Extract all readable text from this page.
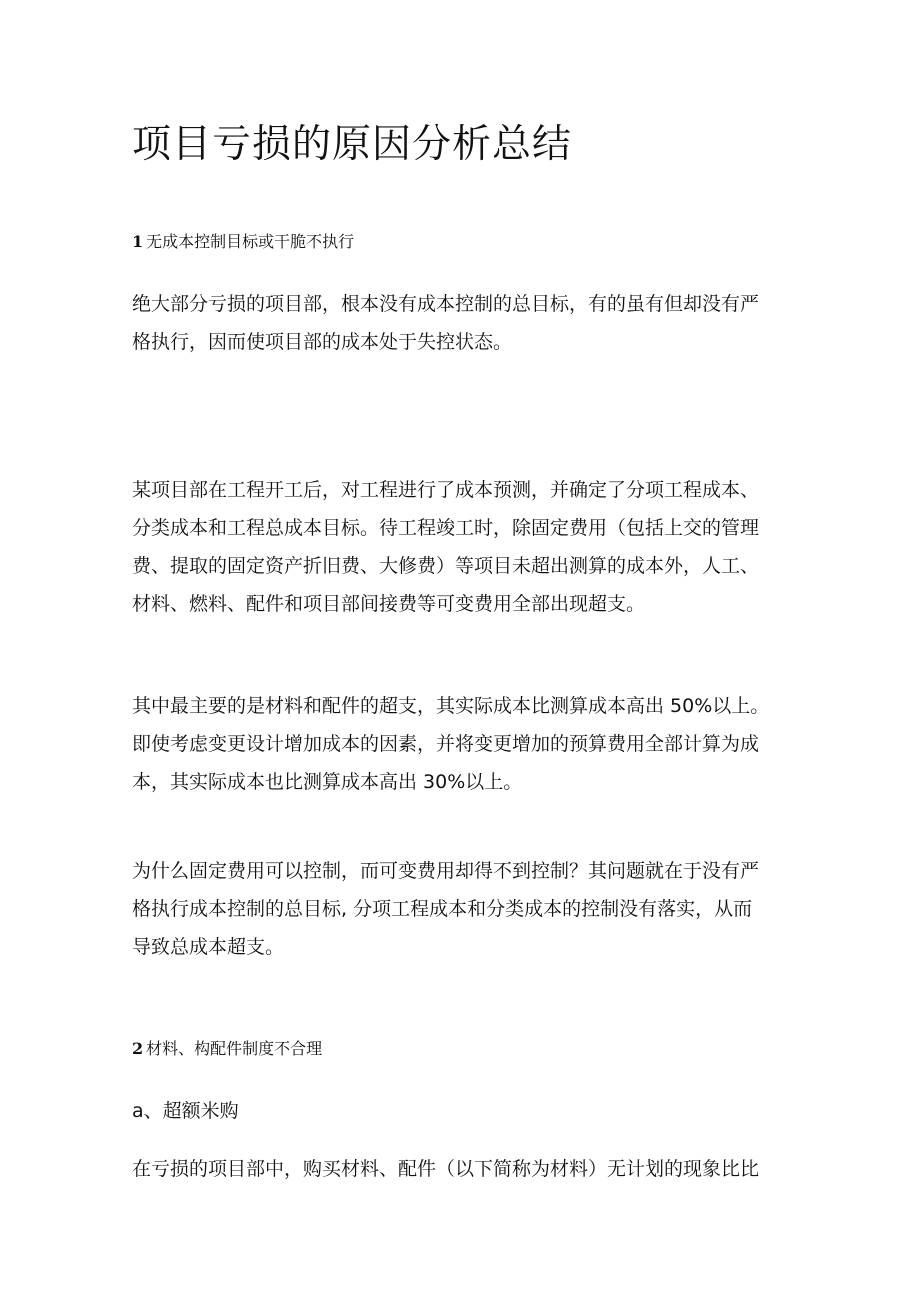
项目亏损的原因分析总结
1 无成本控制目标或干脆不执行

绝大部分亏损的项目部，根本没有成本控制的总目标，有的虽有但却没有严
格执行，因而使项目部的成本处于失控状态。

某项目部在工程开工后，对工程进行了成本预测，并确定了分项工程成本、
分类成本和工程总成本目标。待工程竣工时，除固定费用（包括上交的管理
费、提取的固定资产折旧费、大修费）等项目未超出测算的成本外，人工、
材料、燃料、配件和项目部间接费等可变费用全部出现超支。

其中最主要的是材料和配件的超支，其实际成本比测算成本高出 50%以上。
即使考虑变更设计增加成本的因素，并将变更增加的预算费用全部计算为成
本，其实际成本也比测算成本高出 30%以上。

为什么固定费用可以控制，而可变费用却得不到控制？其问题就在于没有严
格执行成本控制的总目标, 分项工程成本和分类成本的控制没有落实，从而
导致总成本超支。

2 材料、构配件制度不合理

a、超额米购

在亏损的项目部中，购买材料、配件（以下简称为材料）无计划的现象比比
